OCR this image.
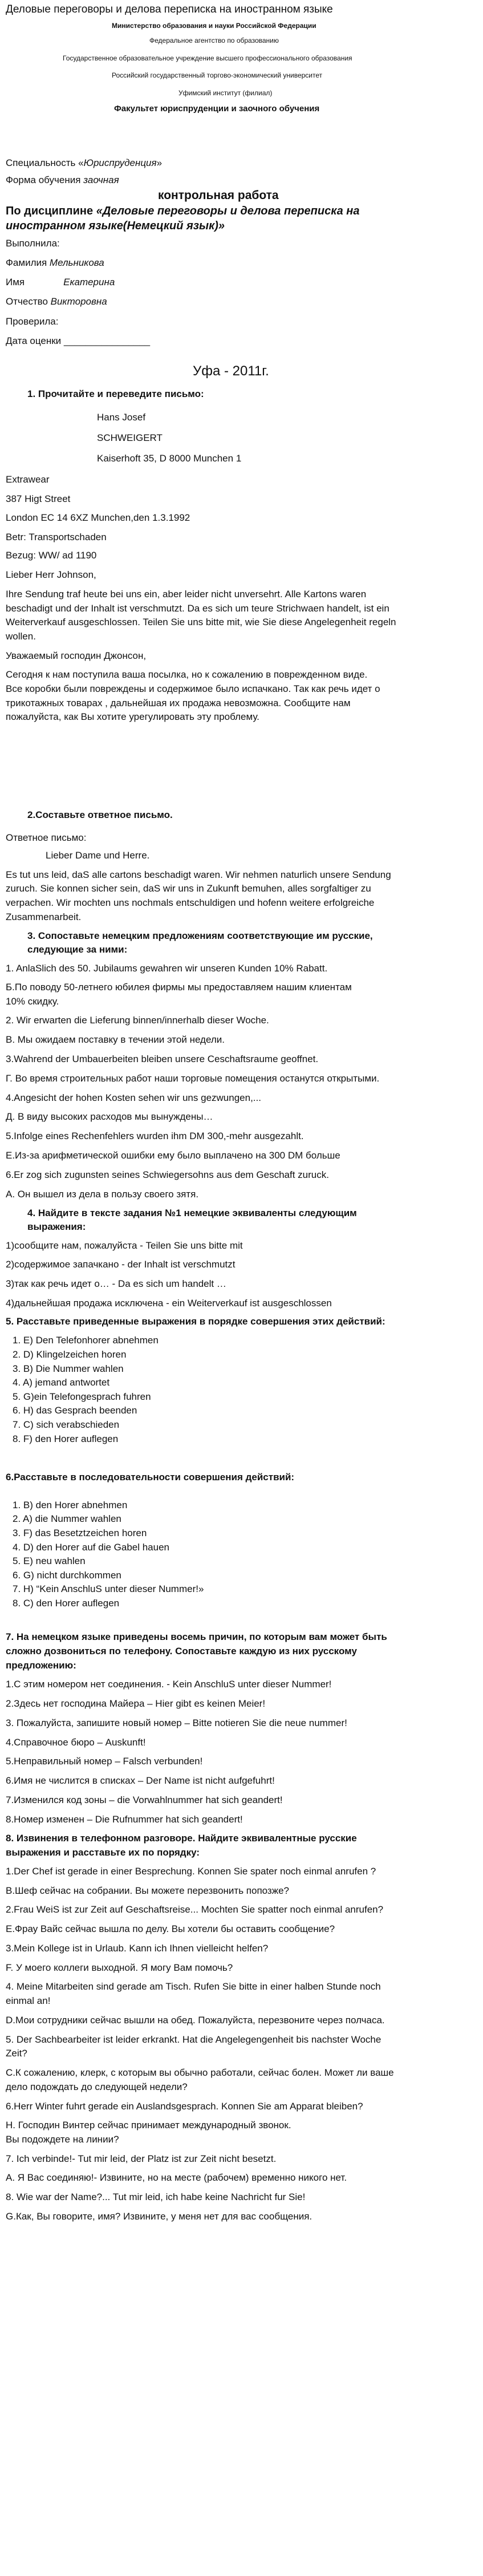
Деловые переговоры и делова переписка на иностранном языке
Министерство образования и науки Российской Федерации
Федеральное агентство по образованию
Государственное образовательное учреждение высшего профессионального образования
Российский государственный торгово-экономический университет
Уфимский институт (филиал)
Факультет юриспруденции и заочного обучения
Специальность «Юриспруденция»
Форма обучения заочная
контрольная работа
По дисциплине «Деловые переговоры и делова переписка на
иностранном языке(Немецкий язык)»
Выполнила:
Фамилия Мельникова
Имя	Екатерина
Отчество Викторовна
Проверила:
Дата оценки ________________
Уфа - 2011г.
1. Прочитайте и переведите письмо:
Hans Josef
SCHWEIGERT
Kaiserhoft 35, D 8000 Munchen 1
Extrawear
387 Higt Street
London EC 14 6XZ Munchen,den 1.3.1992
Betr: Transportschaden
Bezug: WW/ ad 1190
Lieber Herr Johnson,
Ihre Sendung traf heute bei uns ein, aber leider nicht unversehrt. Alle Kartons waren
beschadigt und der Inhalt ist verschmutzt. Da es sich um teure Strichwaen handelt, ist ein
Weiterverkauf ausgeschlossen. Teilen Sie uns bitte mit, wie Sie diese Angelegenheit regeln
wollen.
Уважаемый господин Джонсон,
Сегодня к нам поступила ваша посылка, но к сожалению в поврежденном виде.
Все коробки были повреждены и содержимое было испачкано. Так как речь идет о
трикотажных товарах , дальнейшая их продажа невозможна. Сообщите нам
пожалуйста, как Вы хотите урегулировать эту проблему.
2.Составьте ответное письмо.
Ответное письмо:
Lieber Dame und Herre.
Es tut uns leid, daS alle cartons beschadigt waren. Wir nehmen naturlich unsere Sendung
zuruch. Sie konnen sicher sein, daS wir uns in Zukunft bemuhen, alles sorgfaltiger zu
verpachen. Wir mochten uns nochmals entschuldigen und hofenn weitere erfolgreiche
Zusammenarbeit.
3. Сопоставьте немецким предложениям соответствующие им русские,
следующие за ними:
1. AnlaSlich des 50. Jubilaums gewahren wir unseren Kunden 10% Rabatt.
Б.По поводу 50-летнего юбилея фирмы мы предоставляем нашим клиентам
10% скидку.
2. Wir erwarten die Lieferung binnen/innerhalb dieser Woche.
В. Мы ожидаем поставку в течении этой недели.
3.Wahrend der Umbauerbeiten bleiben unsere Ceschaftsraume geoffnet.
Г. Во время строительных работ наши торговые помещения останутся открытыми.
4.Angesicht der hohen Kosten sehen wir uns gezwungen,...
Д. В виду высоких расходов мы вынуждены…
5.Infolge eines Rechenfehlers wurden ihm DM 300,-mehr ausgezahlt.
Е.Из-за арифметической ошибки ему было выплачено на 300 DM больше
6.Er zog sich zugunsten seines Schwiegersohns aus dem Geschaft zuruck.
А. Он вышел из дела в пользу своего зятя.
4. Найдите в тексте задания №1 немецкие эквиваленты следующим
выражения:
1)сообщите нам, пожалуйста - Teilen Sie uns bitte mit
2)содержимое запачкано - der Inhalt ist verschmutzt
3)так как речь идет о… - Da es sich um handelt …
4)дальнейшая продажа исключена - ein Weiterverkauf ist ausgeschlossen
5. Расставьте приведенные выражения в порядке совершения этих действий:
1. E) Den Telefonhorer abnehmen
2. D) Klingelzeichen horen
3. B) Die Nummer wahlen
4. A) jemand antwortet
5. G)ein Telefongesprach fuhren
6. H) das Gesprach beenden
7. C) sich verabschieden
8. F) den Horer auflegen
6.Расставьте в последовательности совершения действий:
1. B) den Horer abnehmen
2. A) die Nummer wahlen
3. F) das Besetztzeichen horen
4. D) den Horer auf die Gabel hauen
5. E) neu wahlen
6. G) nicht durchkommen
7. H) “Kein AnschluS unter dieser Nummer!»
8. C) den Horer auflegen
7. На немецком языке приведены восемь причин, по которым вам может быть
сложно дозвониться по телефону. Сопоставьте каждую из них русскому
предложению:
1.С этим номером нет соединения. - Kein AnschluS unter dieser Nummer!
2.Здесь нет господина Майера – Hier gibt es keinen Meier!
3. Пожалуйста, запишите новый номер – Bitte notieren Sie die neue nummer!
4.Справочное бюро – Auskunft!
5.Неправильный номер – Falsch verbunden!
6.Имя не числится в списках – Der Name ist nicht aufgefuhrt!
7.Изменился код зоны – die Vorwahlnummer hat sich geandert!
8.Номер изменен – Die Rufnummer hat sich geandert!
8. Извинения в телефонном разговоре. Найдите эквивалентные русские
выражения и расставьте их по порядку:
1.Der Chef ist gerade in einer Bespreсhung. Konnen Sie spater noch einmal anrufen ?
В.Шеф сейчас на собрании. Вы можете перезвонить попозже?
2.Frau WeiS ist zur Zeit auf Geschaftsreise... Mochten Sie spatter noch einmal anrufen?
Е.Фрау Вайс сейчас вышла по делу. Вы хотели бы оставить сообщение?
3.Mein Kollege ist in Urlaub. Kann ich Ihnen vielleicht helfen?
F. У моего коллеги выходной. Я могу Вам помочь?
4. Meine Mitarbeiten sind gerade am Tisch. Rufen Sie bitte in einer halben Stunde noch
einmal an!
D.Мои сотрудники сейчас вышли на обед. Пожалуйста, перезвоните через полчаса.
5. Der Sachbearbeiter ist leider erkrankt. Hat die Angelegengenheit bis nachster Woche
Zeit?
С.К сожалению, клерк, с которым вы обычно работали, сейчас болен. Может ли ваше
дело подождать до следующей недели?
6.Herr Winter fuhrt gerade ein Auslandsgesprach. Konnen Sie am Apparat bleiben?
Н. Господин Винтер сейчас принимает международный звонок.
Вы подождете на линии?
7. Ich verbinde!- Tut mir leid, der Platz ist zur Zeit nicht besetzt.
А. Я Вас соединяю!- Извините, но на месте (рабочем) временно никого нет.
8. Wie war der Name?... Tut mir leid, ich habe keine Nachricht fur Sie!
G.Как, Вы говорите, имя? Извините, у меня нет для вас сообщения.
